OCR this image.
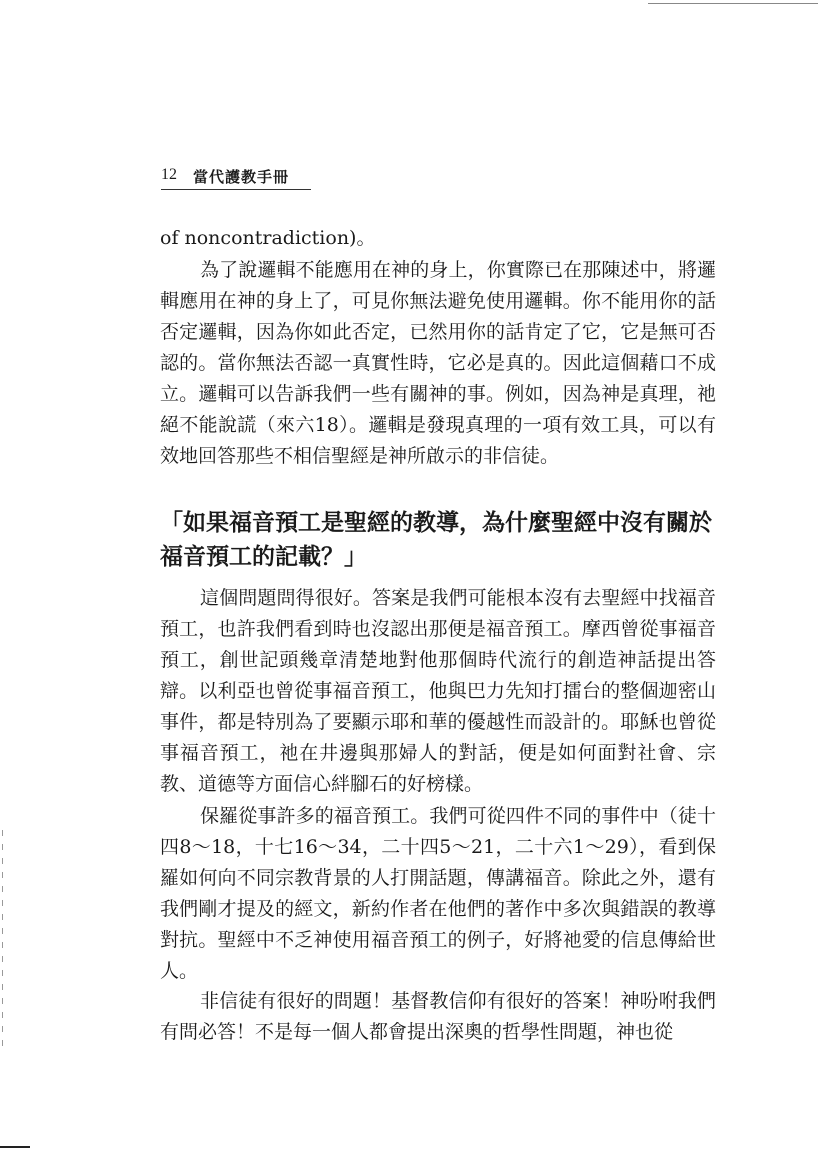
12 當代護教手冊

of noncontradiction)。

為了說邏輯不能應用在神的身上，你實際已在那陳述中，將邏輯應用在神的身上了，可見你無法避免使用邏輯。你不能用你的話否定邏輯，因為你如此否定，已然用你的話肯定了它，它是無可否認的。當你無法否認一真實性時，它必是真的。因此這個藉口不成立。邏輯可以告訴我們一些有關神的事。例如，因為神是真理，祂絕不能說謊（來六18）。邏輯是發現真理的一項有效工具，可以有效地回答那些不相信聖經是神所啟示的非信徒。

「如果福音預工是聖經的教導，為什麼聖經中沒有關於福音預工的記載？」

這個問題問得很好。答案是我們可能根本沒有去聖經中找福音預工，也許我們看到時也沒認出那便是福音預工。摩西曾從事福音預工，創世記頭幾章清楚地對他那個時代流行的創造神話提出答辯。以利亞也曾從事福音預工，他與巴力先知打擂台的整個迦密山事件，都是特別為了要顯示耶和華的優越性而設計的。耶穌也曾從事福音預工，祂在井邊與那婦人的對話，便是如何面對社會、宗教、道德等方面信心絆腳石的好榜樣。

保羅從事許多的福音預工。我們可從四件不同的事件中（徒十四8～18，十七16～34，二十四5～21，二十六1～29），看到保羅如何向不同宗教背景的人打開話題，傳講福音。除此之外，還有我們剛才提及的經文，新約作者在他們的著作中多次與錯誤的教導對抗。聖經中不乏神使用福音預工的例子，好將祂愛的信息傳給世人。

非信徒有很好的問題！基督教信仰有很好的答案！神吩咐我們有問必答！不是每一個人都會提出深奧的哲學性問題，神也從
